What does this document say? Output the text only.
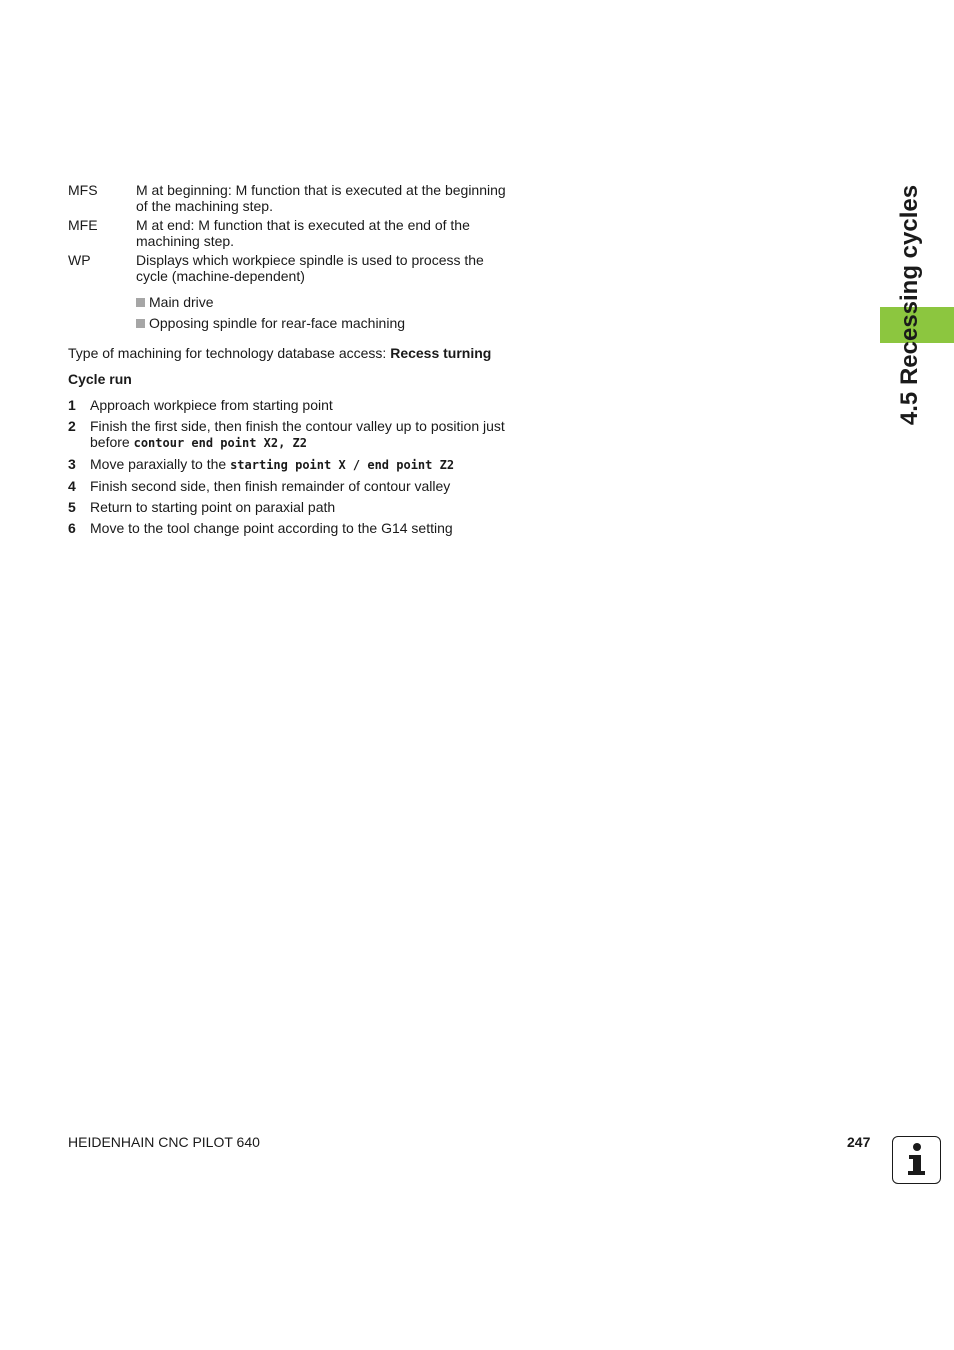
MFS	M at beginning: M function that is executed at the beginning of the machining step.
MFE	M at end: M function that is executed at the end of the machining step.
WP	Displays which workpiece spindle is used to process the cycle (machine-dependent)
Main drive
Opposing spindle for rear-face machining
Type of machining for technology database access: Recess turning
Cycle run
1	Approach workpiece from starting point
2	Finish the first side, then finish the contour valley up to position just before contour end point X2, Z2
3	Move paraxially to the starting point X / end point Z2
4	Finish second side, then finish remainder of contour valley
5	Return to starting point on paraxial path
6	Move to the tool change point according to the G14 setting
4.5 Recessing cycles
HEIDENHAIN CNC PILOT 640	247
